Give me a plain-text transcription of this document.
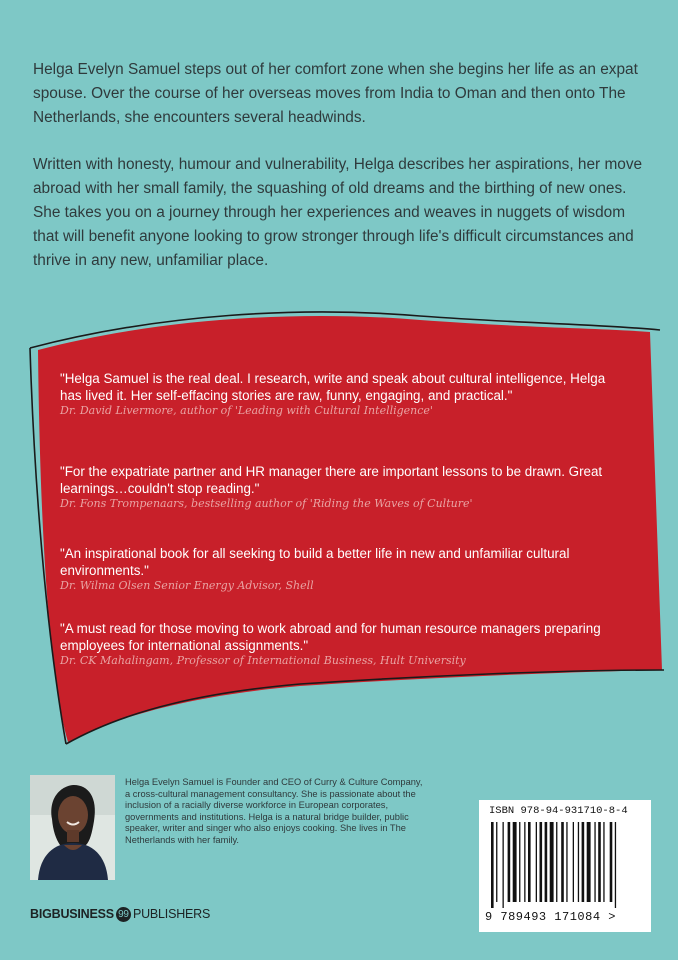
Helga Evelyn Samuel steps out of her comfort zone when she begins her life as an expat spouse. Over the course of her overseas moves from India to Oman and then onto The Netherlands, she encounters several headwinds.

Written with honesty, humour and vulnerability, Helga describes her aspirations, her move abroad with her small family, the squashing of old dreams and the birthing of new ones. She takes you on a journey through her experiences and weaves in nuggets of wisdom that will benefit anyone looking to grow stronger through life's difficult circumstances and thrive in any new, unfamiliar place.

"Helga Samuel is the real deal. I research, write and speak about cultural intelligence, Helga has lived it. Her self-effacing stories are raw, funny, engaging, and practical."
Dr. David Livermore, author of 'Leading with Cultural Intelligence'
"For the expatriate partner and HR manager there are important lessons to be drawn. Great learnings…couldn't stop reading."
Dr. Fons Trompenaars, bestselling author of 'Riding the Waves of Culture'
"An inspirational book for all seeking to build a better life in new and unfamiliar cultural environments."
Dr. Wilma Olsen Senior Energy Advisor, Shell
"A must read for those moving to work abroad and for human resource managers preparing employees for international assignments."
Dr. CK Mahalingam, Professor of International Business, Hult University

Helga Evelyn Samuel is Founder and CEO of Curry & Culture Company, a cross-cultural management consultancy. She is passionate about the inclusion of a racially diverse workforce in European corporates, governments and institutions. Helga is a natural bridge builder, public speaker, writer and singer who also enjoys cooking. She lives in The Netherlands with her family.

BIGBUSINESS 99 PUBLISHERS
ISBN 978-94-931710-8-4
9 789493 171084 >
